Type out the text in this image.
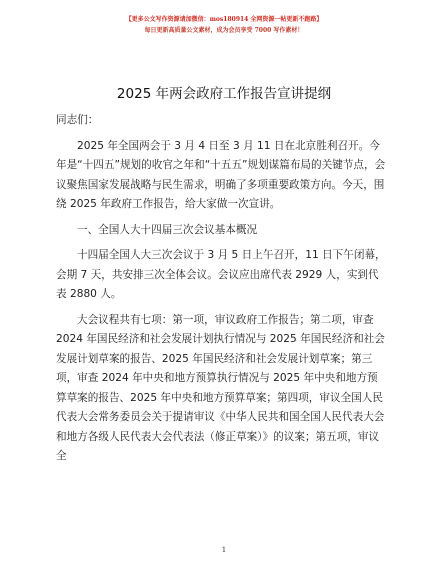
【更多公文写作资源请加微信：mos180914 全网资源一帖更新不跑路】
每日更新高质量公文素材，成为会员享受 7000 写作素材！
2025 年两会政府工作报告宣讲提纲

同志们：

2025 年全国两会于 3 月 4 日至 3 月 11 日在北京胜利召开。今年是“十四五”规划的收官之年和“十五五”规划谋篇布局的关键节点，会议聚焦国家发展战略与民生需求，明确了多项重要政策方向。今天，围绕 2025 年政府工作报告，给大家做一次宣讲。

一、全国人大十四届三次会议基本概况

十四届全国人大三次会议于 3 月 5 日上午召开，11 日下午闭幕，会期 7 天，共安排三次全体会议。会议应出席代表 2929 人，实到代表 2880 人。

大会议程共有七项：第一项，审议政府工作报告；第二项，审查 2024 年国民经济和社会发展计划执行情况与 2025 年国民经济和社会发展计划草案的报告、2025 年国民经济和社会发展计划草案；第三项，审查 2024 年中央和地方预算执行情况与 2025 年中央和地方预算草案的报告、2025 年中央和地方预算草案；第四项，审议全国人民代表大会常务委员会关于提请审议《中华人民共和国全国人民代表大会和地方各级人民代表大会代表法（修正草案）》的议案；第五项，审议全

1
